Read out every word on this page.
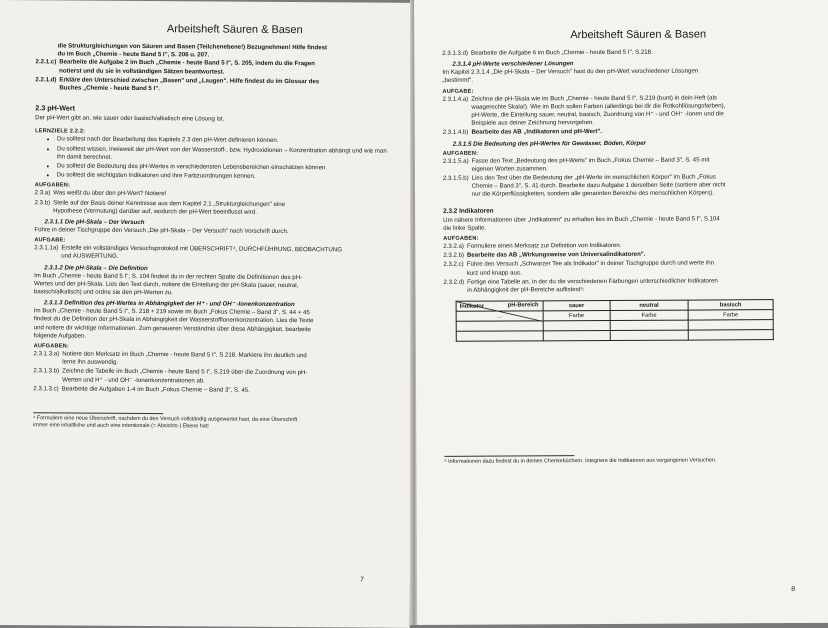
Arbeitsheft Säuren & Basen

die Strukturgleichungen von Säuren und Basen (Teilchenebene!) Bezugnehmen! Hilfe findest

du im Buch „Chemie - heute Band 5 I", S. 206 u. 207.

2.2.1.c) Bearbeite die Aufgabe 2 im Buch „Chemie - heute Band 5 I", S. 205, indem du die Fragen

notierst und du sie in vollständigen Sätzen beantwortest.

2.2.1.d) Erkläre den Unterschied zwischen „Basen" und „Laugen". Hilfe findest du im Glossar des

Buches „Chemie - heute Band 5 I".

2.3 pH-Wert

Der pH-Wert gibt an, wie sauer oder basisch/alkalisch eine Lösung ist.

LERNZIELE 2.2.2:
• Du solltest nach der Bearbeitung des Kapitels 2.3 den pH-Wert definieren können.
• Du solltest wissen, inwieweit der pH-Wert von der Wasserstoff-, bzw. Hydroxidionen – Konzentration abhängt und wie man ihn damit berechnet.
• Du solltest die Bedeutung des pH-Wertes in verschiedensten Lebensbereichen einschätzen können.
• Du solltest die wichtigsten Indikatoren und ihre Farbzuordnungen kennen.
AUFGABEN:
2.3.a) Was weißt du über den pH-Wert? Notiere!
2.3.b) Steile auf der Basis deiner Kenntnisse aus dem Kapitel 2.1 „Strukturgleichungen" eine

Hypothese (Vermutung) darüber auf, wodurch der pH-Wert beeinflusst wird.

2.3.1.1 Die pH-Skala – Der Versuch

Führe in deiner Tischgruppe den Versuch „Die pH-Skala – Der Versuch" nach Vorschrift durch.

AUFGABE:
2.3.1.1a) Erstelle ein vollständiges Versuchsprotokoll mit ÜBERSCHRIFT⁴, DURCHFÜHRUNG, BEOBACHTUNG

und AUSWERTUNG.

2.3.1.2 Die pH-Skala – Die Definition

Im Buch „Chemie - heute Band 5 I", S. 104 findest du in der rechten Spalte die Definitionen des pH-

Wertes und der pH-Skala. Lies den Text durch, notiere die Einteilung der pH-Skala (sauer, neutral,

basisch/alkalisch) und ordne sie den pH-Werten zu.

2.3.1.3 Definition des pH-Wertes in Abhängigkeit der H⁺ - und OH⁻ -Ionenkonzentration

Im Buch „Chemie - heute Band 5 I", S. 218 + 219 sowie im Buch „Fokus Chemie – Band 3", S. 44 + 45

findest du die Definition der pH-Skala in Abhängigkeit der Wasserstoffionenkonzentration. Lies die Texte

und notiere dir wichtige Informationen. Zum genaueren Verständnis über diese Abhängigkeit, bearbeite

folgende Aufgaben.

AUFGABEN:
2.3.1.3.a) Notiere den Merksatz im Buch „Chemie - heute Band 5 I", S.218. Markiere ihn deutlich und

lerne ihn auswendig.

2.3.1.3.b) Zeichne die Tabelle im Buch „Chemie - heute Band 5 I", S.219 über die Zuordnung von pH-

Werten und H⁺ - und OH⁻ -Ionenkonzentrationen ab.

2.3.1.3.c) Bearbeite die Aufgaben 1-4 im Buch „Fokus Chemie – Band 3", S. 45.

⁴ Formuliere eine neue Überschrift, nachdem du den Versuch vollständig ausgewertet hast, da eine Überschrift

immer eine inhaltliche und auch eine intentionale (= Absichts-) Ebene hat!

7
Arbeitsheft Säuren & Basen
2.3.1.3.d) Bearbeite die Aufgabe 6 im Buch „Chemie - heute Band 5 I", S.218.
2.3.1.4 pH-Werte verschiedener Lösungen

Im Kapitel 2.3.1.4 „Die pH-Skala – Der Versuch" hast du den pH-Wert verschiedener Lösungen

„bestimmt".

AUFGABE:
2.3.1.4.a) Zeichne die pH-Skala wie im Buch „Chemie - heute Band 5 I", S.219 (bunt) in dein Heft (als

waagerechte Skala!). Wie im Buch sollen Farben (allerdings bei dir die Rotkohllösungsfarben),

pH-Werte, die Einteilung sauer, neutral, basisch, Zuordnung von H⁺ - und OH⁻ -Ionen und die

Beispiele aus deiner Zeichnung hervorgehen.

2.3.1.4.b) Bearbeite das AB „Indikatoren und pH-Wert".
2.3.1.5 Die Bedeutung des pH-Wertes für Gewässer, Böden, Körper
AUFGABEN:
2.3.1.5.a) Fasse den Text „Bedeutung des pH-Werts" im Buch „Fokus Chemie – Band 3", S. 45 mit

eigenen Worten zusammen.

2.3.1.5.b) Lies den Text über die Bedeutung der „pH-Werte im menschlichen Körper" im Buch „Fokus

Chemie – Band 3", S. 41 durch. Bearbeite dazu Aufgabe 1 derselben Seite (sortiere aber nicht

nur die Körperflüssigkeiten, sondern alle genannten Bereiche des menschlichen Körpers).

2.3.2 Indikatoren

Um nähere Informationen über „Indikatoren" zu erhalten lies im Buch „Chemie - heute Band 5 I", S.104

die linke Spalte.

AUFGABEN:
2.3.2.a) Formuliere einen Merksatz zur Definition von Indikatoren.
2.3.2.b) Bearbeite das AB „Wirkungsweise von Universalindikatoren".
2.3.2.c) Führe den Versuch „Schwarzer Tee als Indikator" in deiner Tischgruppe durch und werte ihn

kurz und knapp aus.

2.3.2.d) Fertige eine Tabelle an, in der du die verschiedenen Färbungen unterschiedlicher Indikatoren

in Abhängigkeit der pH-Bereiche auflistest⁵:

pH-Bereich
Indikator	sauer	neutral	basisch
...	Farbe	Farbe	Farbe

⁵ Informationen dazu findest du in deinen Chemiebüchern. Integriere die Indikatoren aus vergangenen Versuchen.

8
